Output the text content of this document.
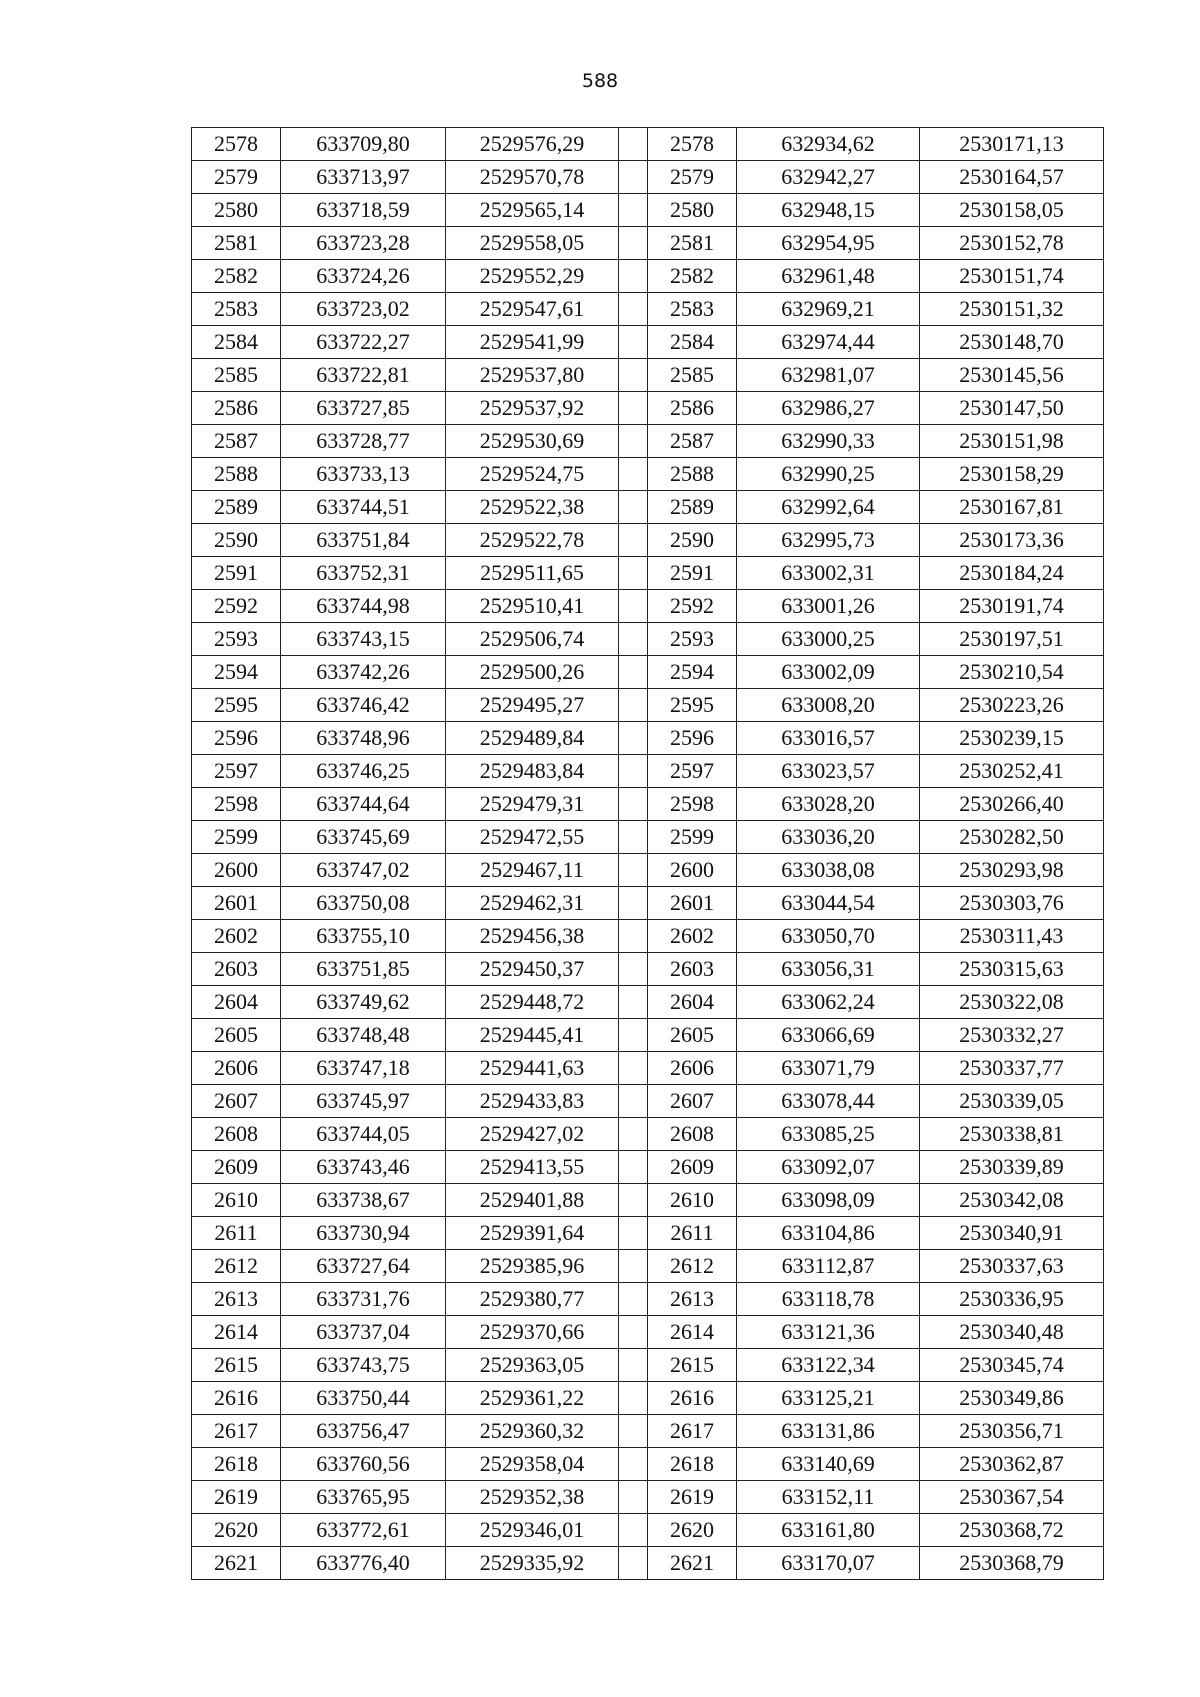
588
2578	633709,80	2529576,29		2578	632934,62	2530171,13
2579	633713,97	2529570,78		2579	632942,27	2530164,57
2580	633718,59	2529565,14		2580	632948,15	2530158,05
2581	633723,28	2529558,05		2581	632954,95	2530152,78
2582	633724,26	2529552,29		2582	632961,48	2530151,74
2583	633723,02	2529547,61		2583	632969,21	2530151,32
2584	633722,27	2529541,99		2584	632974,44	2530148,70
2585	633722,81	2529537,80		2585	632981,07	2530145,56
2586	633727,85	2529537,92		2586	632986,27	2530147,50
2587	633728,77	2529530,69		2587	632990,33	2530151,98
2588	633733,13	2529524,75		2588	632990,25	2530158,29
2589	633744,51	2529522,38		2589	632992,64	2530167,81
2590	633751,84	2529522,78		2590	632995,73	2530173,36
2591	633752,31	2529511,65		2591	633002,31	2530184,24
2592	633744,98	2529510,41		2592	633001,26	2530191,74
2593	633743,15	2529506,74		2593	633000,25	2530197,51
2594	633742,26	2529500,26		2594	633002,09	2530210,54
2595	633746,42	2529495,27		2595	633008,20	2530223,26
2596	633748,96	2529489,84		2596	633016,57	2530239,15
2597	633746,25	2529483,84		2597	633023,57	2530252,41
2598	633744,64	2529479,31		2598	633028,20	2530266,40
2599	633745,69	2529472,55		2599	633036,20	2530282,50
2600	633747,02	2529467,11		2600	633038,08	2530293,98
2601	633750,08	2529462,31		2601	633044,54	2530303,76
2602	633755,10	2529456,38		2602	633050,70	2530311,43
2603	633751,85	2529450,37		2603	633056,31	2530315,63
2604	633749,62	2529448,72		2604	633062,24	2530322,08
2605	633748,48	2529445,41		2605	633066,69	2530332,27
2606	633747,18	2529441,63		2606	633071,79	2530337,77
2607	633745,97	2529433,83		2607	633078,44	2530339,05
2608	633744,05	2529427,02		2608	633085,25	2530338,81
2609	633743,46	2529413,55		2609	633092,07	2530339,89
2610	633738,67	2529401,88		2610	633098,09	2530342,08
2611	633730,94	2529391,64		2611	633104,86	2530340,91
2612	633727,64	2529385,96		2612	633112,87	2530337,63
2613	633731,76	2529380,77		2613	633118,78	2530336,95
2614	633737,04	2529370,66		2614	633121,36	2530340,48
2615	633743,75	2529363,05		2615	633122,34	2530345,74
2616	633750,44	2529361,22		2616	633125,21	2530349,86
2617	633756,47	2529360,32		2617	633131,86	2530356,71
2618	633760,56	2529358,04		2618	633140,69	2530362,87
2619	633765,95	2529352,38		2619	633152,11	2530367,54
2620	633772,61	2529346,01		2620	633161,80	2530368,72
2621	633776,40	2529335,92		2621	633170,07	2530368,79
